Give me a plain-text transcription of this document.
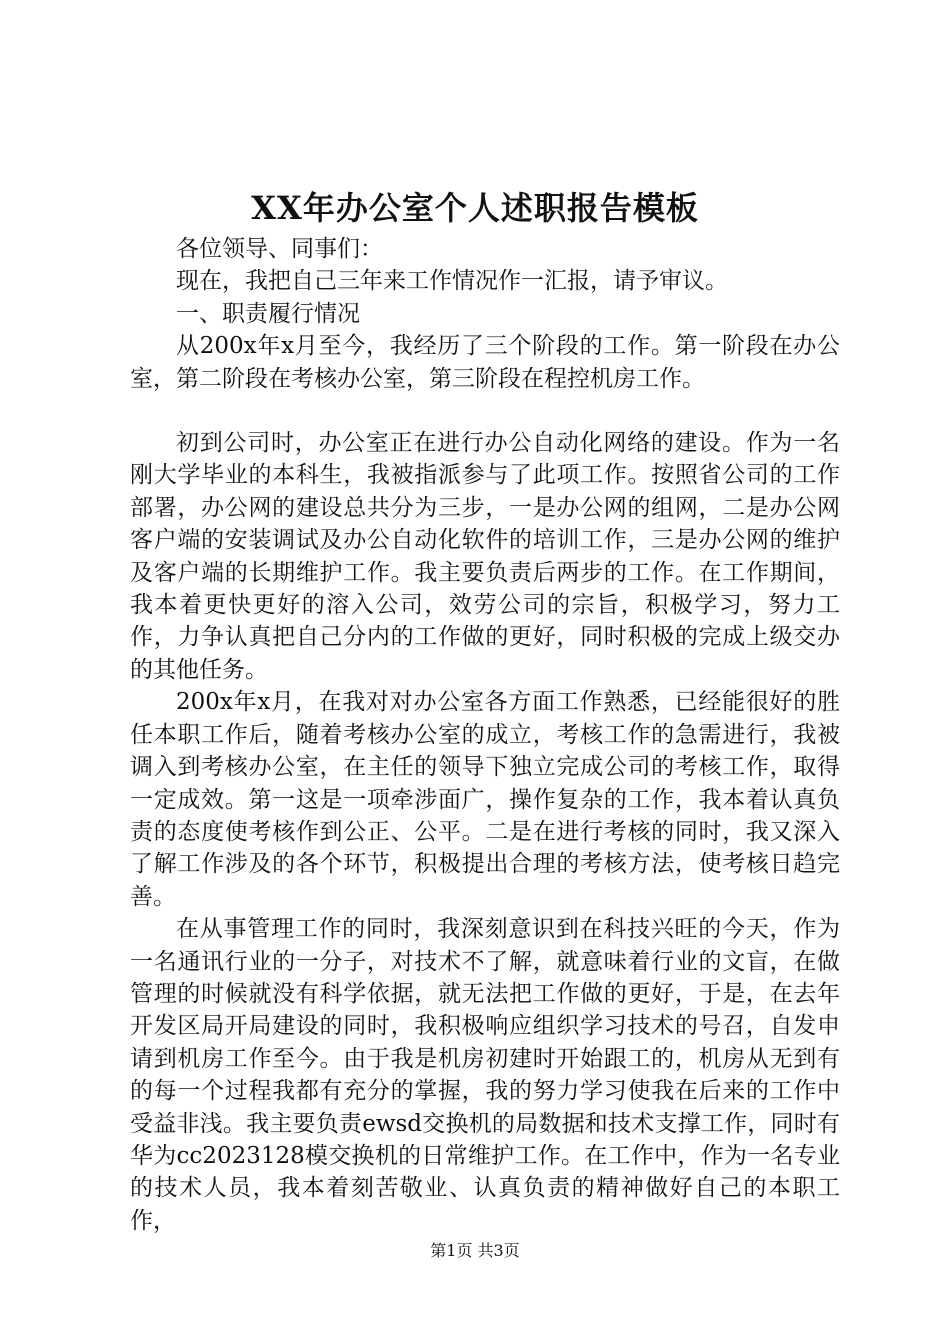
XX年办公室个人述职报告模板

各位领导、同事们：

现在，我把自己三年来工作情况作一汇报，请予审议。

一、职责履行情况

从200x年x月至今，我经历了三个阶段的工作。第一阶段在办公室，第二阶段在考核办公室，第三阶段在程控机房工作。

初到公司时，办公室正在进行办公自动化网络的建设。作为一名刚大学毕业的本科生，我被指派参与了此项工作。按照省公司的工作部署，办公网的建设总共分为三步，一是办公网的组网，二是办公网客户端的安装调试及办公自动化软件的培训工作，三是办公网的维护及客户端的长期维护工作。我主要负责后两步的工作。在工作期间，我本着更快更好的溶入公司，效劳公司的宗旨，积极学习，努力工作，力争认真把自己分内的工作做的更好，同时积极的完成上级交办的其他任务。

200x年x月，在我对对办公室各方面工作熟悉，已经能很好的胜任本职工作后，随着考核办公室的成立，考核工作的急需进行，我被调入到考核办公室，在主任的领导下独立完成公司的考核工作，取得一定成效。第一这是一项牵涉面广，操作复杂的工作，我本着认真负责的态度使考核作到公正、公平。二是在进行考核的同时，我又深入了解工作涉及的各个环节，积极提出合理的考核方法，使考核日趋完善。

在从事管理工作的同时，我深刻意识到在科技兴旺的今天，作为一名通讯行业的一分子，对技术不了解，就意味着行业的文盲，在做管理的时候就没有科学依据，就无法把工作做的更好，于是，在去年开发区局开局建设的同时，我积极响应组织学习技术的号召，自发申请到机房工作至今。由于我是机房初建时开始跟工的，机房从无到有的每一个过程我都有充分的掌握，我的努力学习使我在后来的工作中受益非浅。我主要负责ewsd交换机的局数据和技术支撑工作，同时有华为cc2023128模交换机的日常维护工作。在工作中，作为一名专业的技术人员，我本着刻苦敬业、认真负责的精神做好自己的本职工作，

第1页 共3页
